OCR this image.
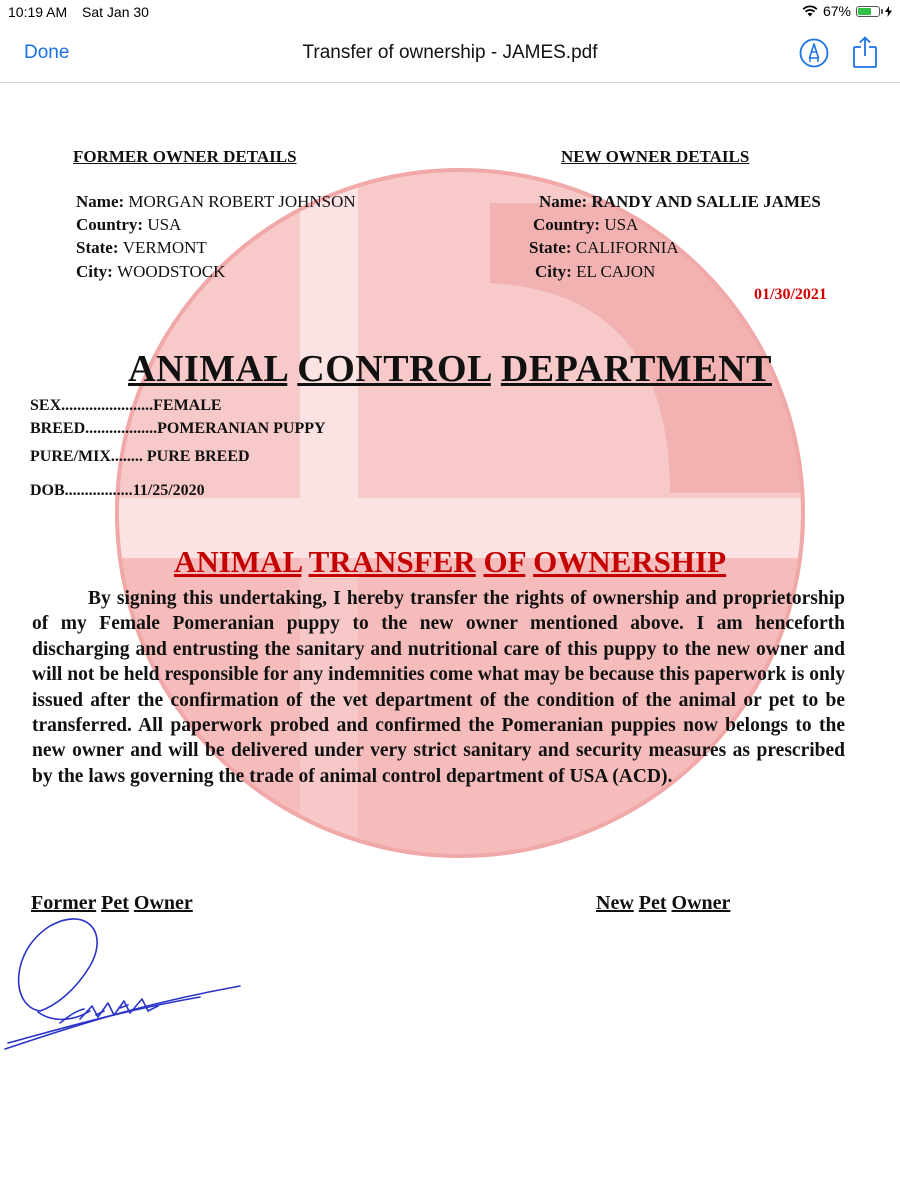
10:19 AM Sat Jan 30	67%
Done	Transfer of ownership - JAMES.pdf
FORMER OWNER DETAILS
Name: MORGAN ROBERT JOHNSON
Country: USA
State: VERMONT
City: WOODSTOCK
NEW OWNER DETAILS
Name: RANDY AND SALLIE JAMES
Country: USA
State: CALIFORNIA
City: EL CAJON
01/30/2021
ANIMAL CONTROL DEPARTMENT
SEX.......................FEMALE
BREED..................POMERANIAN PUPPY
PURE/MIX........ PURE BREED
DOB.................11/25/2020
ANIMAL TRANSFER OF OWNERSHIP
By signing this undertaking, I hereby transfer the rights of ownership and proprietorship of my Female Pomeranian puppy to the new owner mentioned above. I am henceforth discharging and entrusting the sanitary and nutritional care of this puppy to the new owner and will not be held responsible for any indemnities come what may be because this paperwork is only issued after the confirmation of the vet department of the condition of the animal or pet to be transferred. All paperwork probed and confirmed the Pomeranian puppies now belongs to the new owner and will be delivered under very strict sanitary and security measures as prescribed by the laws governing the trade of animal control department of USA (ACD).
Former Pet Owner	New Pet Owner
